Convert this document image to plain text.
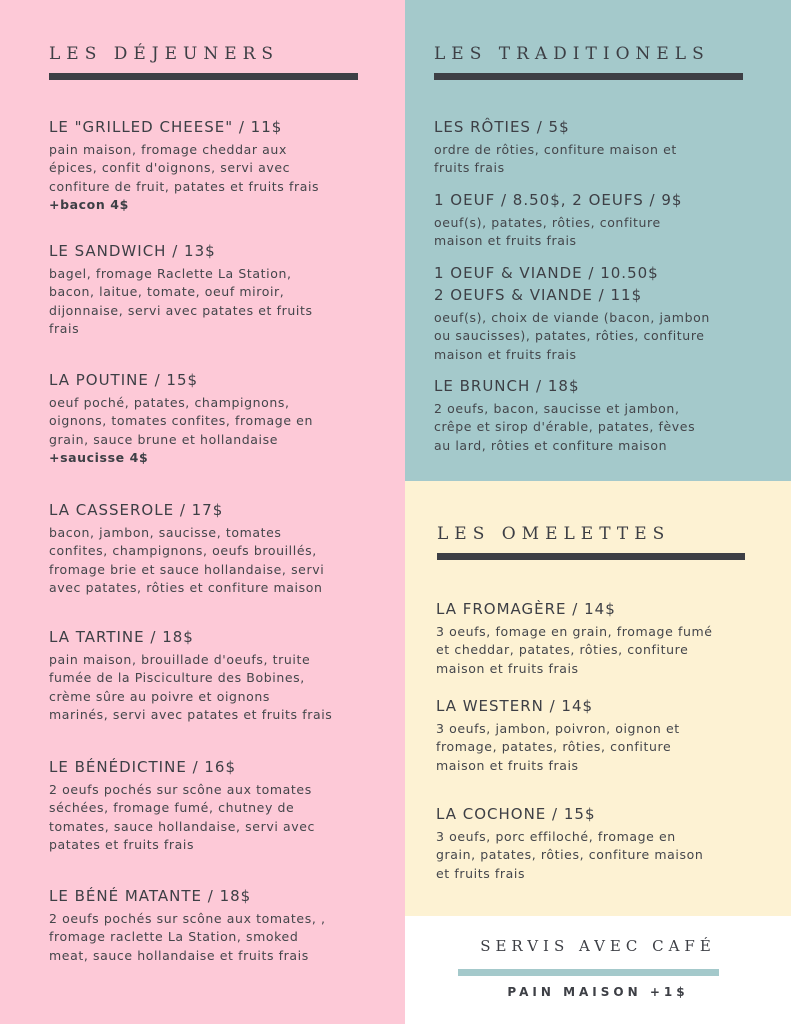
LES DÉJEUNERS
LE "GRILLED CHEESE" / 11$
pain maison, fromage cheddar aux
épices, confit d'oignons, servi avec
confiture de fruit, patates et fruits frais
+bacon 4$
LE SANDWICH / 13$
bagel, fromage Raclette La Station,
bacon, laitue, tomate, oeuf miroir,
dijonnaise, servi avec patates et fruits
frais
LA POUTINE / 15$
oeuf poché, patates, champignons,
oignons, tomates confites, fromage en
grain, sauce brune et hollandaise
+saucisse 4$
LA CASSEROLE / 17$
bacon, jambon, saucisse, tomates
confites, champignons, oeufs brouillés,
fromage brie et sauce hollandaise, servi
avec patates, rôties et confiture maison
LA TARTINE / 18$
pain maison, brouillade d'oeufs, truite
fumée de la Pisciculture des Bobines,
crème sûre au poivre et oignons
marinés, servi avec patates et fruits frais
LE BÉNÉDICTINE / 16$
2 oeufs pochés sur scône aux tomates
séchées, fromage fumé, chutney de
tomates, sauce hollandaise, servi avec
patates et fruits frais
LE BÉNÉ MATANTE / 18$
2 oeufs pochés sur scône aux tomates, ,
fromage raclette La Station, smoked
meat, sauce hollandaise et fruits frais
LES TRADITIONELS
LES RÔTIES / 5$
ordre de rôties, confiture maison et
fruits frais
1 OEUF / 8.50$, 2 OEUFS / 9$
oeuf(s), patates, rôties, confiture
maison et fruits frais
1 OEUF & VIANDE / 10.50$
2 OEUFS & VIANDE / 11$
oeuf(s), choix de viande (bacon, jambon
ou saucisses), patates, rôties, confiture
maison et fruits frais
LE BRUNCH / 18$
2 oeufs, bacon, saucisse et jambon,
crêpe et sirop d'érable, patates, fèves
au lard, rôties et confiture maison
LES OMELETTES
LA FROMAGÈRE / 14$
3 oeufs, fomage en grain, fromage fumé
et cheddar, patates, rôties, confiture
maison et fruits frais
LA WESTERN / 14$
3 oeufs, jambon, poivron, oignon et
fromage, patates, rôties, confiture
maison et fruits frais
LA COCHONE / 15$
3 oeufs, porc effiloché, fromage en
grain, patates, rôties, confiture maison
et fruits frais
SERVIS AVEC CAFÉ
PAIN MAISON +1$
